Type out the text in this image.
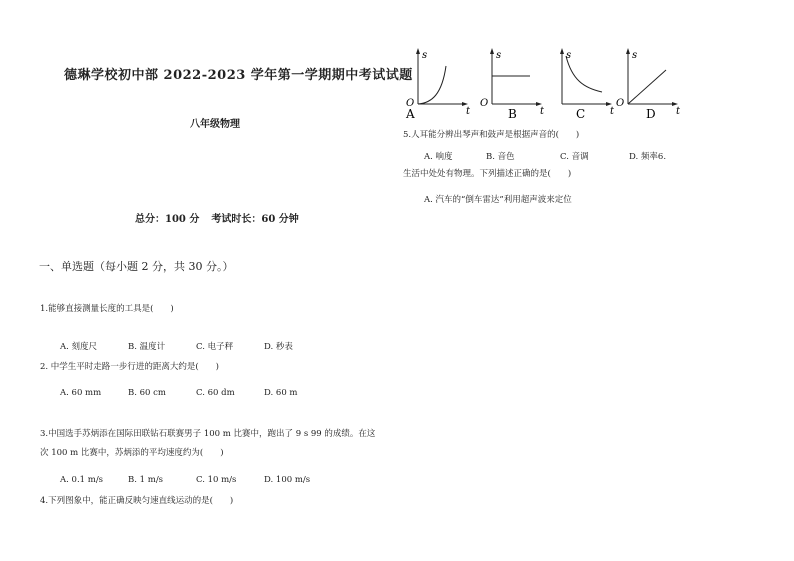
德琳学校初中部 2022-2023 学年第一学期期中考试试题
八年级物理
总分：100 分 考试时长：60 分钟
一、单选题（每小题 2 分，共 30 分。）
1.能够直接测量长度的工具是(　　)
A. 刻度尺	B. 温度计	C. 电子秤	D. 秒表
2. 中学生平时走路一步行进的距离大约是(　　)
A. 60 mm	B. 60 cm	C. 60 dm	D. 60 m
3.中国选手苏炳添在国际田联钻石联赛男子 100 m 比赛中，跑出了 9 s 99 的成绩。在这
次 100 m 比赛中，苏炳添的平均速度约为(　　)
A. 0.1 m/s	B. 1 m/s	C. 10 m/s	D. 100 m/s
4.下列图象中，能正确反映匀速直线运动的是(　　)
s
O
t
A
s
O
t
B
s
t
C
s
O
t
D
5.人耳能分辨出琴声和鼓声是根据声音的(　　)
A. 响度	B. 音色	C. 音调	D. 频率6.
生活中处处有物理。下列描述正确的是(　　)
A. 汽车的“倒车雷达”利用超声波来定位
